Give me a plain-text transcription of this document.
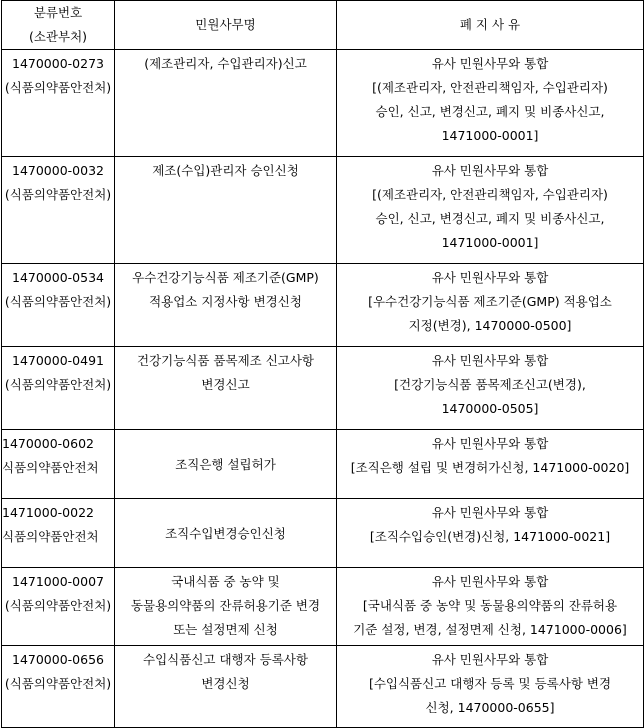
분류번호
(소관부처)	민원사무명	폐 지 사 유

1470000-0273
(식품의약품안전처)	(제조관리자, 수입관리자)신고	유사 민원사무와 통합
[(제조관리자, 안전관리책임자, 수입관리자)
승인, 신고, 변경신고, 폐지 및 비종사신고,
1471000-0001]

1470000-0032
(식품의약품안전처)	제조(수입)관리자 승인신청	유사 민원사무와 통합
[(제조관리자, 안전관리책임자, 수입관리자)
승인, 신고, 변경신고, 폐지 및 비종사신고,
1471000-0001]

1470000-0534
(식품의약품안전처)	우수건강기능식품 제조기준(GMP)
적용업소 지정사항 변경신청	유사 민원사무와 통합
[우수건강기능식품 제조기준(GMP) 적용업소
지정(변경), 1470000-0500]

1470000-0491
(식품의약품안전처)	건강기능식품 품목제조 신고사항
변경신고	유사 민원사무와 통합
[건강기능식품 품목제조신고(변경),
1470000-0505]

1470000-0602
식품의약품안전처	조직은행 설립허가	유사 민원사무와 통합
[조직은행 설립 및 변경허가신청, 1471000-0020]

1471000-0022
식품의약품안전처	조직수입변경승인신청	유사 민원사무와 통합
[조직수입승인(변경)신청, 1471000-0021]

1471000-0007
(식품의약품안전처)	국내식품 중 농약 및
동물용의약품의 잔류허용기준 변경
또는 설정면제 신청	유사 민원사무와 통합
[국내식품 중 농약 및 동물용의약품의 잔류허용
기준 설정, 변경, 설정면제 신청, 1471000-0006]

1470000-0656
(식품의약품안전처)	수입식품신고 대행자 등록사항
변경신청	유사 민원사무와 통합
[수입식품신고 대행자 등록 및 등록사항 변경
신청, 1470000-0655]
